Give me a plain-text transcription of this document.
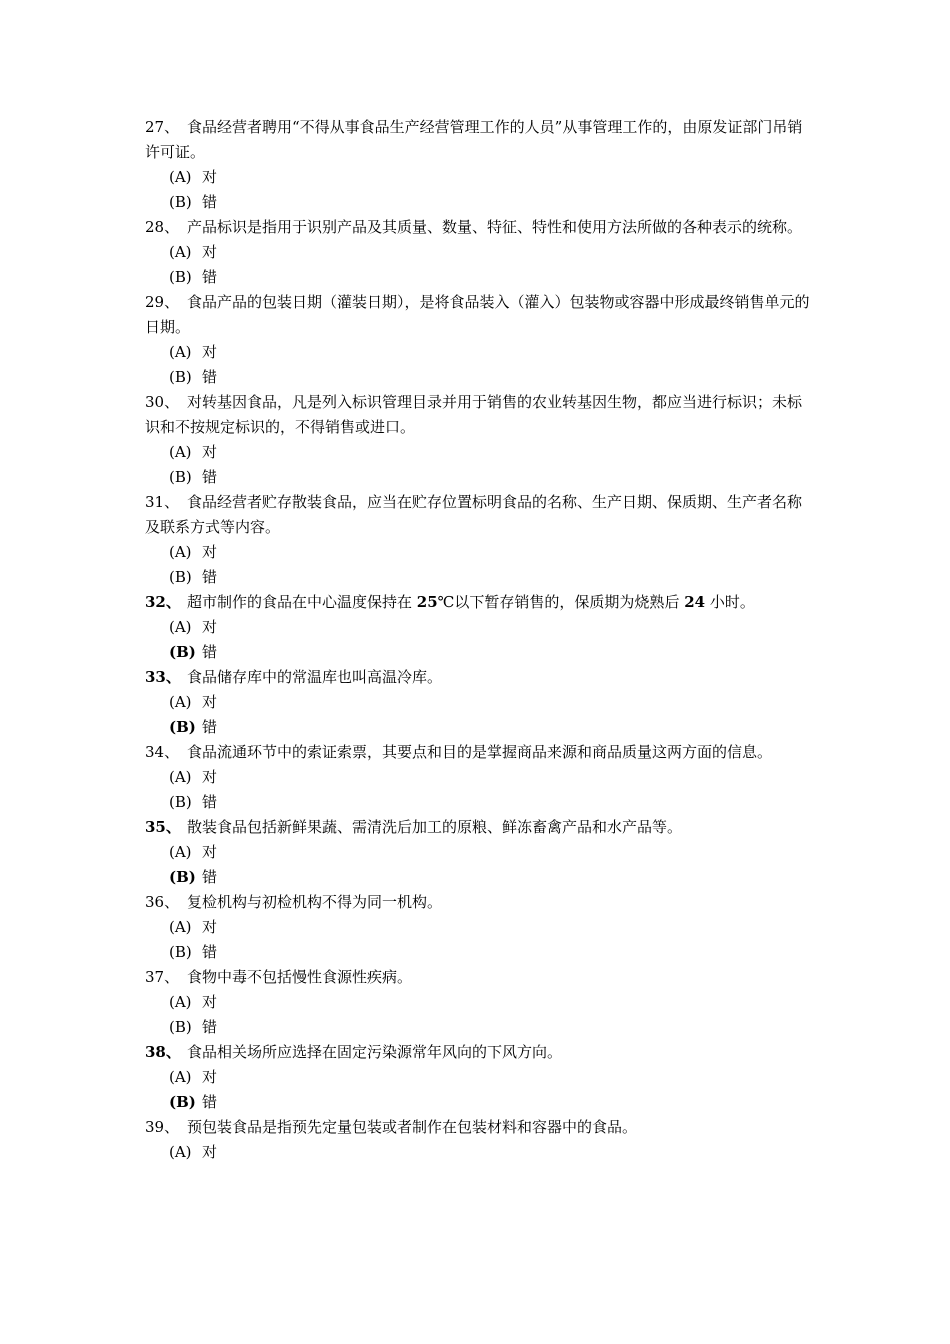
27、 食品经营者聘用“不得从事食品生产经营管理工作的人员”从事管理工作的，由原发证部门吊销许可证。

(A) 对
(B) 错

28、 产品标识是指用于识别产品及其质量、数量、特征、特性和使用方法所做的各种表示的统称。

(A) 对
(B) 错

29、 食品产品的包装日期（灌装日期），是将食品装入（灌入）包装物或容器中形成最终销售单元的日期。

(A) 对
(B) 错

30、 对转基因食品，凡是列入标识管理目录并用于销售的农业转基因生物，都应当进行标识；未标识和不按规定标识的，不得销售或进口。

(A) 对
(B) 错

31、 食品经营者贮存散装食品，应当在贮存位置标明食品的名称、生产日期、保质期、生产者名称及联系方式等内容。

(A) 对
(B) 错

32、 超市制作的食品在中心温度保持在 25℃以下暂存销售的，保质期为烧熟后 24 小时。

(A) 对
(B) 错

33、 食品储存库中的常温库也叫高温冷库。

(A) 对
(B) 错

34、 食品流通环节中的索证索票，其要点和目的是掌握商品来源和商品质量这两方面的信息。

(A) 对
(B) 错

35、 散装食品包括新鲜果蔬、需清洗后加工的原粮、鲜冻畜禽产品和水产品等。

(A) 对
(B) 错

36、 复检机构与初检机构不得为同一机构。

(A) 对
(B) 错

37、 食物中毒不包括慢性食源性疾病。

(A) 对
(B) 错

38、 食品相关场所应选择在固定污染源常年风向的下风方向。

(A) 对
(B) 错

39、 预包装食品是指预先定量包装或者制作在包装材料和容器中的食品。

(A) 对
